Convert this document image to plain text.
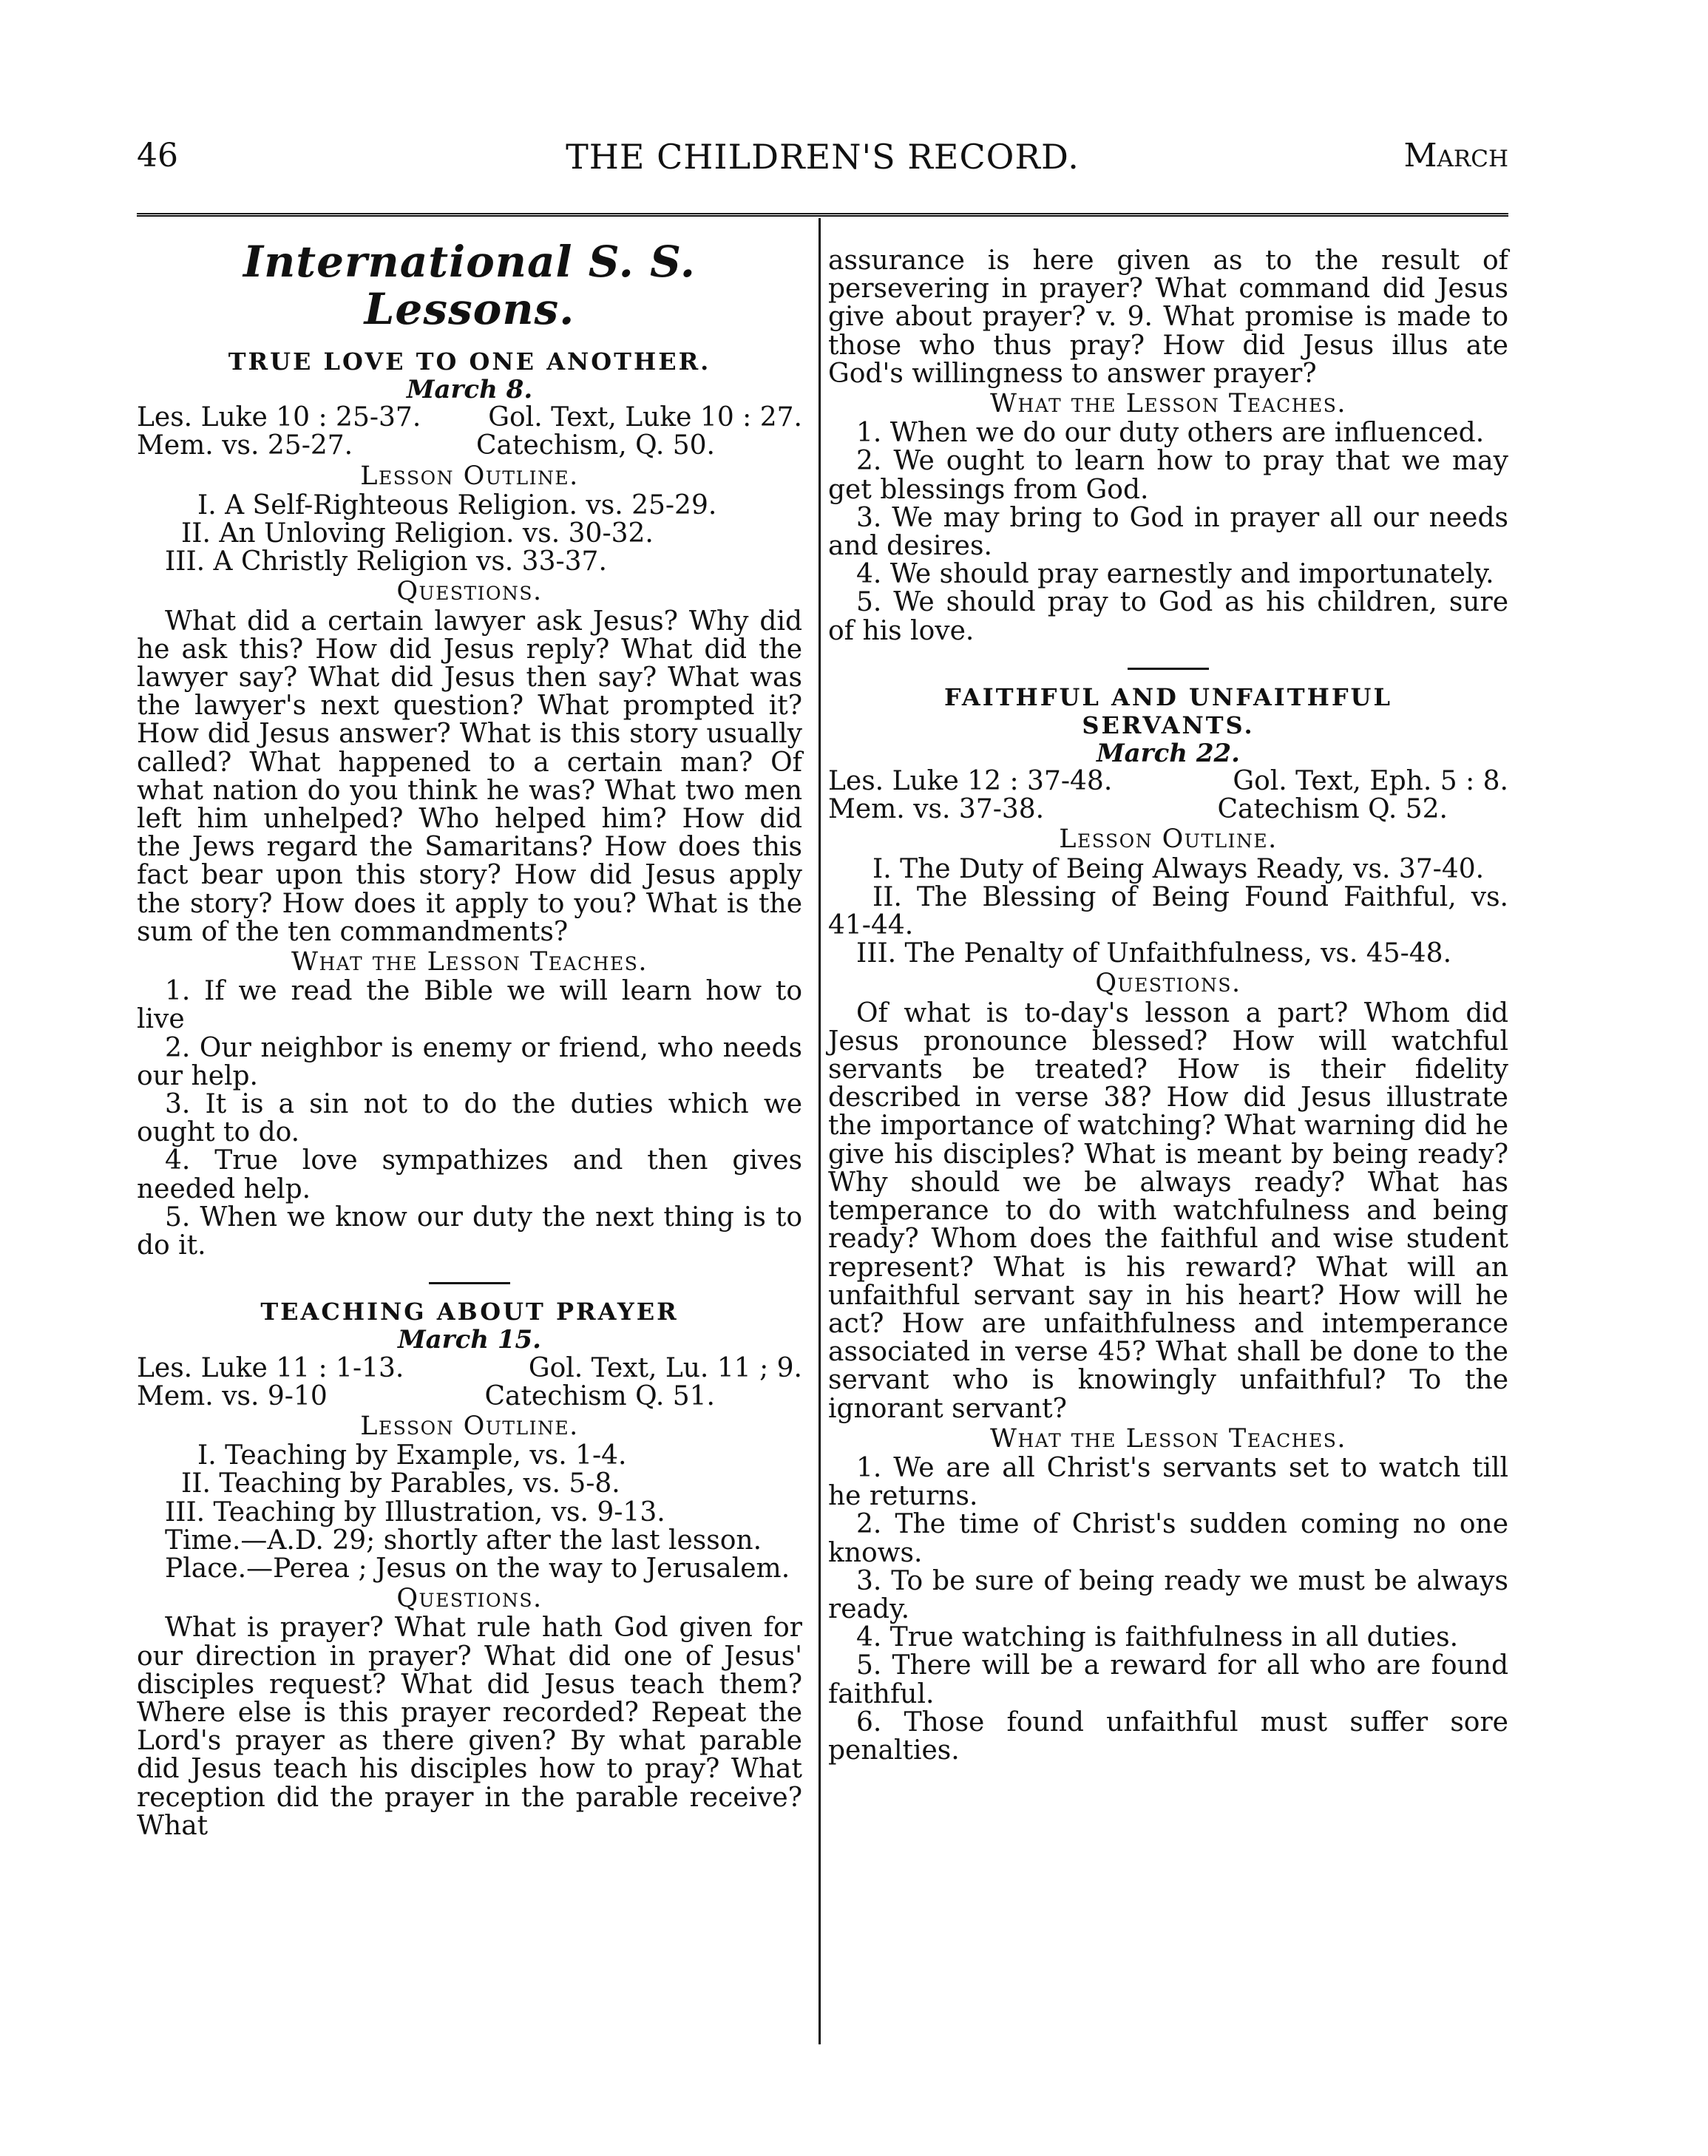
46	THE CHILDREN'S RECORD.	March
International S. S. Lessons.
TRUE LOVE TO ONE ANOTHER.
March 8.
Les. Luke 10 : 25-37.	Gol. Text, Luke 10 : 27.
Mem. vs. 25-27.	Catechism, Q. 50.
Lesson Outline.
I. A Self-Righteous Religion. vs. 25-29.
II. An Unloving Religion. vs. 30-32.
III. A Christly Religion vs. 33-37.
Questions.

What did a certain lawyer ask Jesus? Why did he ask this? How did Jesus reply? What did the lawyer say? What did Jesus then say? What was the lawyer's next question? What prompted it? How did Jesus answer? What is this story usually called? What happened to a certain man? Of what nation do you think he was? What two men left him unhelped? Who helped him? How did the Jews regard the Samaritans? How does this fact bear upon this story? How did Jesus apply the story? How does it apply to you? What is the sum of the ten commandments?

What the Lesson Teaches.

1. If we read the Bible we will learn how to live

2. Our neighbor is enemy or friend, who needs our help.

3. It is a sin not to do the duties which we ought to do.

4. True love sympathizes and then gives needed help.

5. When we know our duty the next thing is to do it.

TEACHING ABOUT PRAYER
March 15.
Les. Luke 11 : 1-13.	Gol. Text, Lu. 11 ; 9.
Mem. vs. 9-10	Catechism Q. 51.
Lesson Outline.
I. Teaching by Example, vs. 1-4.
II. Teaching by Parables, vs. 5-8.
III. Teaching by Illustration, vs. 9-13.

Time.—A.D. 29; shortly after the last lesson.

Place.—Perea ; Jesus on the way to Jerusalem.

Questions.

What is prayer? What rule hath God given for our direction in prayer? What did one of Jesus' disciples request? What did Jesus teach them? Where else is this prayer recorded? Repeat the Lord's prayer as there given? By what parable did Jesus teach his disciples how to pray? What reception did the prayer in the parable receive? What

assurance is here given as to the result of persevering in prayer? What command did Jesus give about prayer? v. 9. What promise is made to those who thus pray? How did Jesus illus ate God's willingness to answer prayer?

What the Lesson Teaches.

1. When we do our duty others are influenced.

2. We ought to learn how to pray that we may get blessings from God.

3. We may bring to God in prayer all our needs and desires.

4. We should pray earnestly and importunately.

5. We should pray to God as his children, sure of his love.

FAITHFUL AND UNFAITHFUL SERVANTS.
March 22.
Les. Luke 12 : 37-48.	Gol. Text, Eph. 5 : 8.
Mem. vs. 37-38.	Catechism Q. 52.
Lesson Outline.

I. The Duty of Being Always Ready, vs. 37-40.

II. The Blessing of Being Found Faithful, vs. 41-44.

III. The Penalty of Unfaithfulness, vs. 45-48.

Questions.

Of what is to-day's lesson a part? Whom did Jesus pronounce blessed? How will watchful servants be treated? How is their fidelity described in verse 38? How did Jesus illustrate the importance of watching? What warning did he give his disciples? What is meant by being ready? Why should we be always ready? What has temperance to do with watchfulness and being ready? Whom does the faithful and wise student represent? What is his reward? What will an unfaithful servant say in his heart? How will he act? How are unfaithfulness and intemperance associated in verse 45? What shall be done to the servant who is knowingly unfaithful? To the ignorant servant?

What the Lesson Teaches.

1. We are all Christ's servants set to watch till he returns.

2. The time of Christ's sudden coming no one knows.

3. To be sure of being ready we must be always ready.

4. True watching is faithfulness in all duties.

5. There will be a reward for all who are found faithful.

6. Those found unfaithful must suffer sore penalties.
